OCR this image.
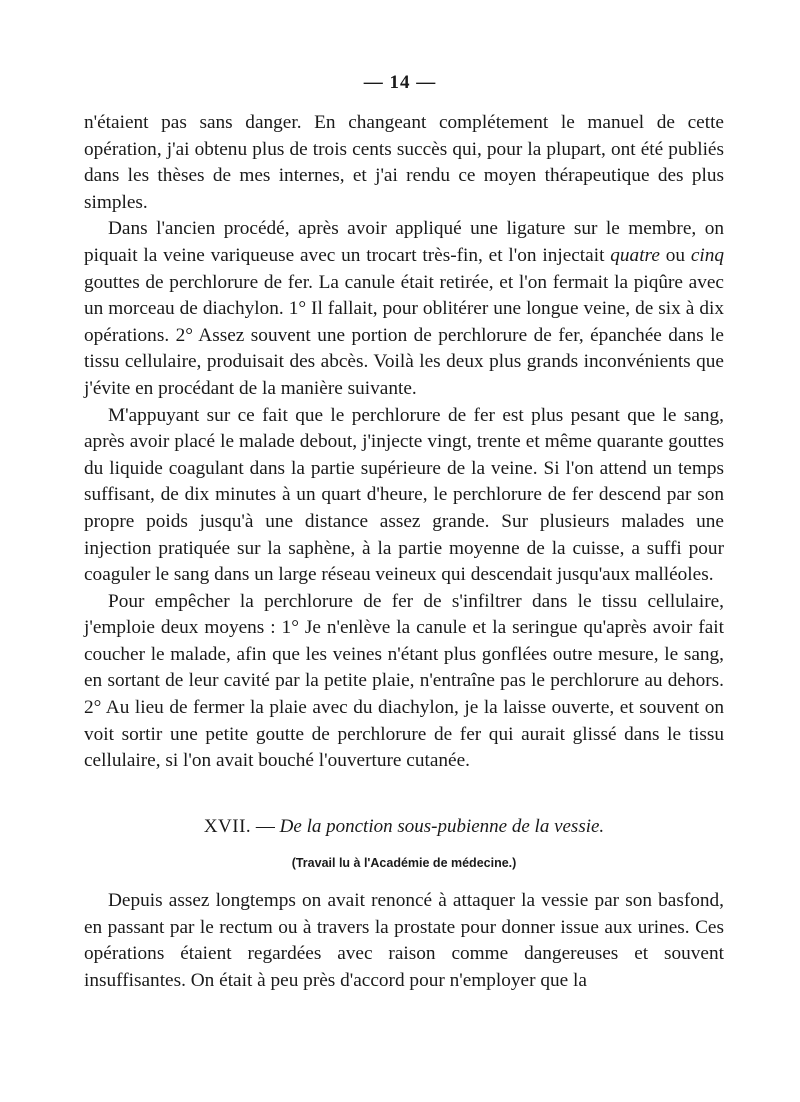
— 14 —

n'étaient pas sans danger. En changeant complétement le manuel de cette opération, j'ai obtenu plus de trois cents succès qui, pour la plupart, ont été publiés dans les thèses de mes internes, et j'ai rendu ce moyen thérapeutique des plus simples.

Dans l'ancien procédé, après avoir appliqué une ligature sur le membre, on piquait la veine variqueuse avec un trocart très-fin, et l'on injectait quatre ou cinq gouttes de perchlorure de fer. La canule était retirée, et l'on fermait la piqûre avec un morceau de diachylon. 1° Il fallait, pour oblitérer une longue veine, de six à dix opérations. 2° Assez souvent une portion de perchlorure de fer, épanchée dans le tissu cellulaire, produisait des abcès. Voilà les deux plus grands inconvénients que j'évite en procédant de la manière suivante.

M'appuyant sur ce fait que le perchlorure de fer est plus pesant que le sang, après avoir placé le malade debout, j'injecte vingt, trente et même quarante gouttes du liquide coagulant dans la partie supérieure de la veine. Si l'on attend un temps suffisant, de dix minutes à un quart d'heure, le perchlorure de fer descend par son propre poids jusqu'à une distance assez grande. Sur plusieurs malades une injection pratiquée sur la saphène, à la partie moyenne de la cuisse, a suffi pour coaguler le sang dans un large réseau veineux qui descendait jusqu'aux malléoles.

Pour empêcher la perchlorure de fer de s'infiltrer dans le tissu cellulaire, j'emploie deux moyens : 1° Je n'enlève la canule et la seringue qu'après avoir fait coucher le malade, afin que les veines n'étant plus gonflées outre mesure, le sang, en sortant de leur cavité par la petite plaie, n'entraîne pas le perchlorure au dehors. 2° Au lieu de fermer la plaie avec du diachylon, je la laisse ouverte, et souvent on voit sortir une petite goutte de perchlorure de fer qui aurait glissé dans le tissu cellulaire, si l'on avait bouché l'ouverture cutanée.

XVII. — De la ponction sous-pubienne de la vessie.
(Travail lu à l'Académie de médecine.)

Depuis assez longtemps on avait renoncé à attaquer la vessie par son basfond, en passant par le rectum ou à travers la prostate pour donner issue aux urines. Ces opérations étaient regardées avec raison comme dangereuses et souvent insuffisantes. On était à peu près d'accord pour n'employer que la
